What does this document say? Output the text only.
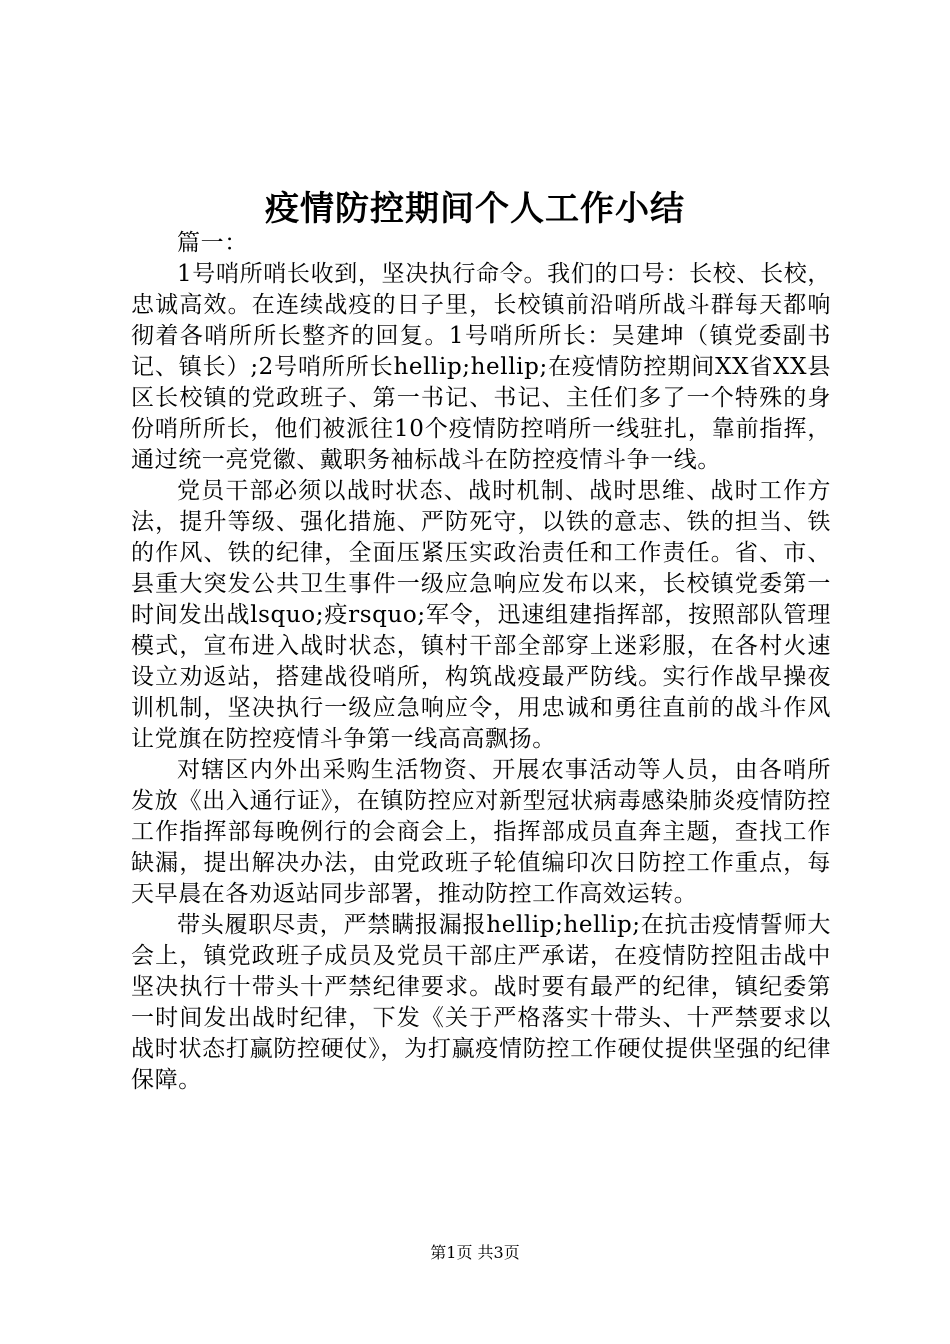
疫情防控期间个人工作小结

篇一：

1号哨所哨长收到，坚决执行命令。我们的口号：长校、长校，忠诚高效。在连续战疫的日子里，长校镇前沿哨所战斗群每天都响彻着各哨所所长整齐的回复。1号哨所所长：吴建坤（镇党委副书记、镇长）;2号哨所所长hellip;hellip;在疫情防控期间XX省XX县区长校镇的党政班子、第一书记、书记、主任们多了一个特殊的身份哨所所长，他们被派往10个疫情防控哨所一线驻扎，靠前指挥，通过统一亮党徽、戴职务袖标战斗在防控疫情斗争一线。

党员干部必须以战时状态、战时机制、战时思维、战时工作方法，提升等级、强化措施、严防死守，以铁的意志、铁的担当、铁的作风、铁的纪律，全面压紧压实政治责任和工作责任。省、市、县重大突发公共卫生事件一级应急响应发布以来，长校镇党委第一时间发出战lsquo;疫rsquo;军令，迅速组建指挥部，按照部队管理模式，宣布进入战时状态，镇村干部全部穿上迷彩服，在各村火速设立劝返站，搭建战役哨所，构筑战疫最严防线。实行作战早操夜训机制，坚决执行一级应急响应令，用忠诚和勇往直前的战斗作风让党旗在防控疫情斗争第一线高高飘扬。

对辖区内外出采购生活物资、开展农事活动等人员，由各哨所发放《出入通行证》，在镇防控应对新型冠状病毒感染肺炎疫情防控工作指挥部每晚例行的会商会上，指挥部成员直奔主题，查找工作缺漏，提出解决办法，由党政班子轮值编印次日防控工作重点，每天早晨在各劝返站同步部署，推动防控工作高效运转。

带头履职尽责，严禁瞒报漏报hellip;hellip;在抗击疫情誓师大会上，镇党政班子成员及党员干部庄严承诺，在疫情防控阻击战中坚决执行十带头十严禁纪律要求。战时要有最严的纪律，镇纪委第一时间发出战时纪律，下发《关于严格落实十带头、十严禁要求以战时状态打赢防控硬仗》，为打赢疫情防控工作硬仗提供坚强的纪律保障。

第1页 共3页
